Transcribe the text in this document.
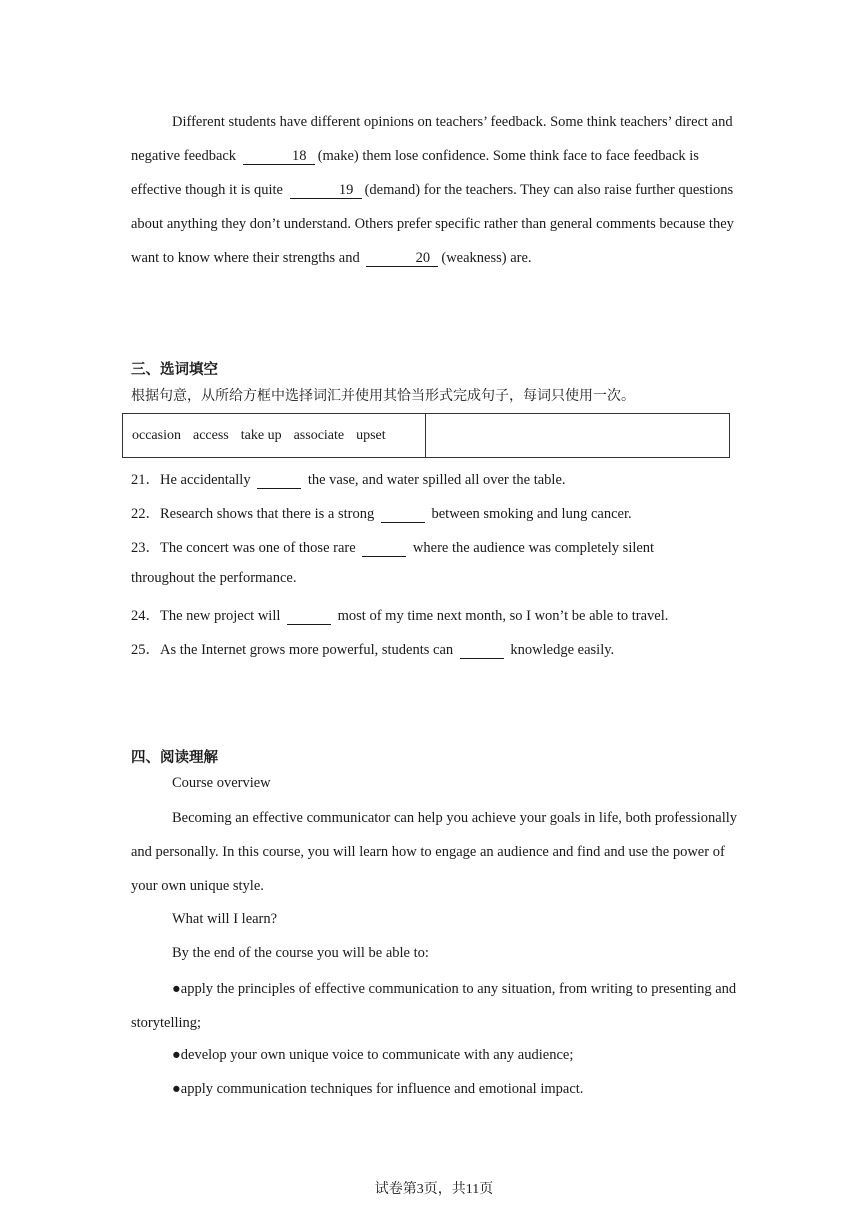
Different students have different opinions on teachers’ feedback. Some think teachers’ direct and negative feedback	18 (make) them lose confidence. Some think face to face feedback is effective though it is quite	19 (demand) for the teachers. They can also raise further questions about anything they don’t understand. Others prefer specific rather than general comments because they want to know where their strengths and	20 (weakness) are.
三、选词填空
根据句意，从所给方框中选择词汇并使用其恰当形式完成句子，每词只使用一次。
occasion access take up associate upset
21．He accidentally	the vase, and water spilled all over the table.
22．Research shows that there is a strong	between smoking and lung cancer.
23．The concert was one of those rare	where the audience was completely silent
throughout the performance.
24．The new project will	most of my time next month, so I won’t be able to travel.
25．As the Internet grows more powerful, students can	knowledge easily.
四、阅读理解
Course overview
Becoming an effective communicator can help you achieve your goals in life, both professionally and personally. In this course, you will learn how to engage an audience and find and use the power of your own unique style.
What will I learn?
By the end of the course you will be able to:
●apply the principles of effective communication to any situation, from writing to presenting and storytelling;
●develop your own unique voice to communicate with any audience;
●apply communication techniques for influence and emotional impact.
试卷第3页，共11页
